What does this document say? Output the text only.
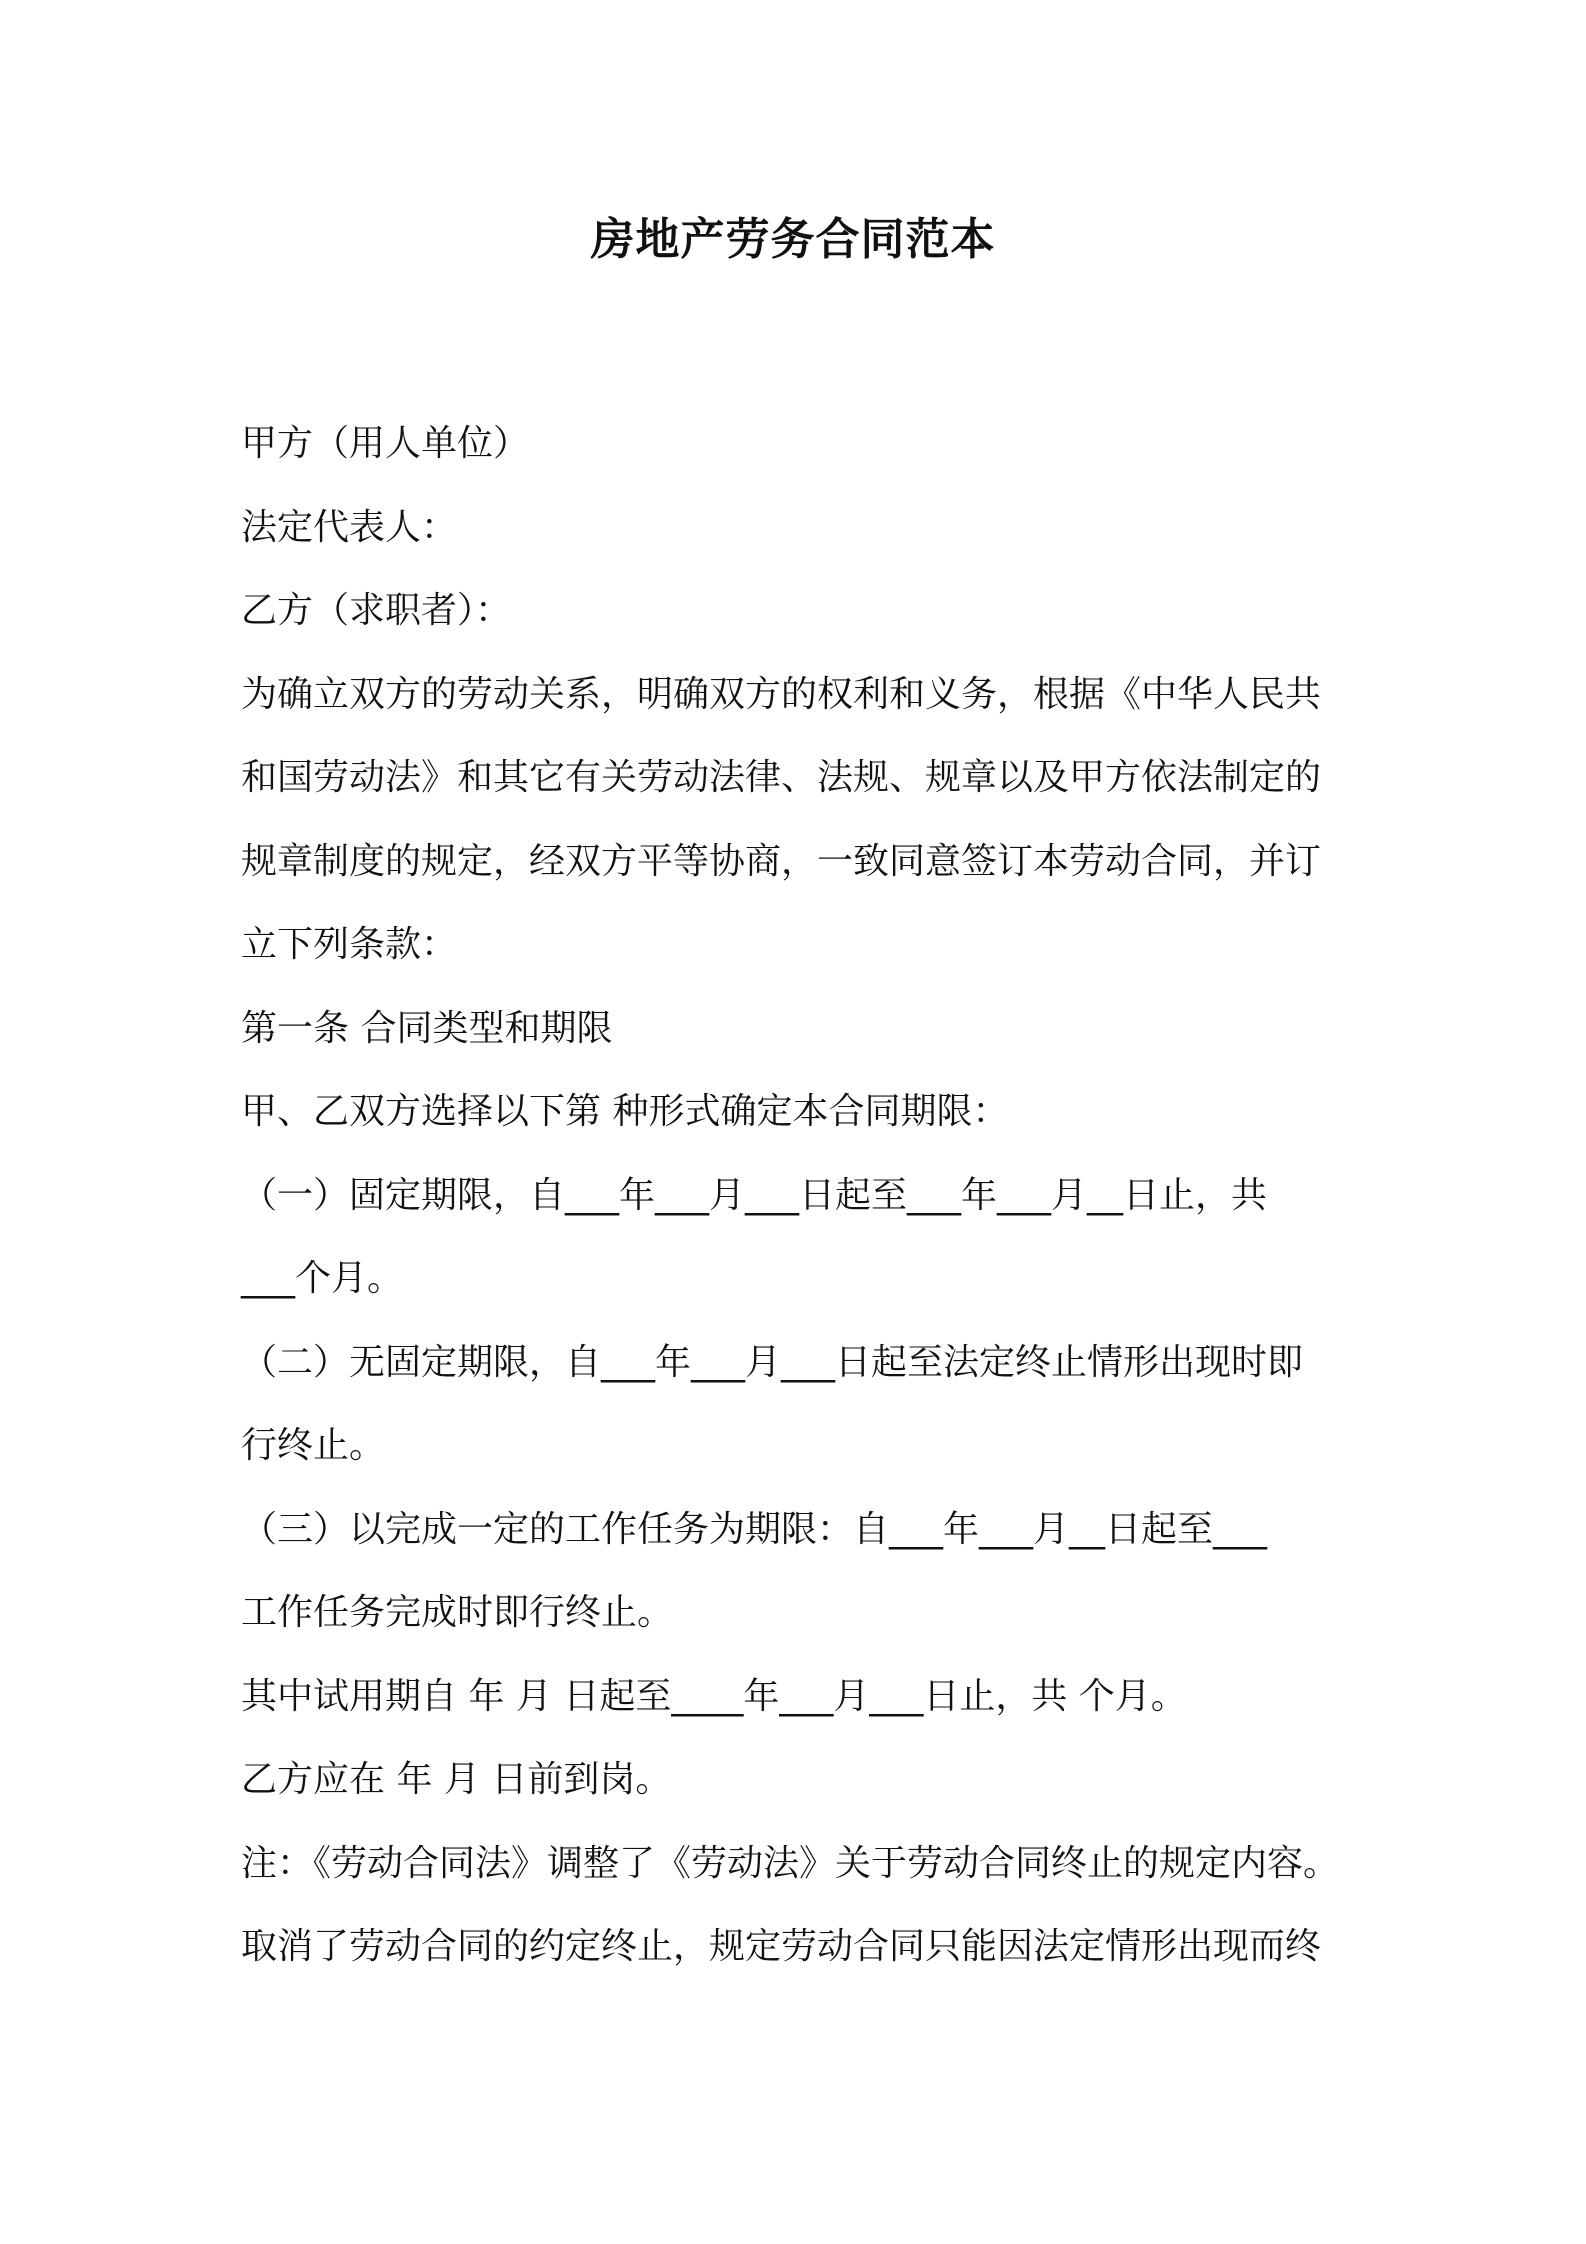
房地产劳务合同范本
甲方（用人单位）
法定代表人：
乙方（求职者）：
为确立双方的劳动关系，明确双方的权利和义务，根据《中华人民共
和国劳动法》和其它有关劳动法律、法规、规章以及甲方依法制定的
规章制度的规定，经双方平等协商，一致同意签订本劳动合同，并订
立下列条款：
第一条 合同类型和期限
甲、乙双方选择以下第 种形式确定本合同期限：
（一）固定期限，自___年___月___日起至___年___月__日止，共
___个月。
（二）无固定期限，自___年___月___日起至法定终止情形出现时即
行终止。
（三）以完成一定的工作任务为期限：自___年___月__日起至___
工作任务完成时即行终止。
其中试用期自 年 月 日起至____年___月___日止，共 个月。
乙方应在 年 月 日前到岗。
注：《劳动合同法》调整了《劳动法》关于劳动合同终止的规定内容。
取消了劳动合同的约定终止，规定劳动合同只能因法定情形出现而终
